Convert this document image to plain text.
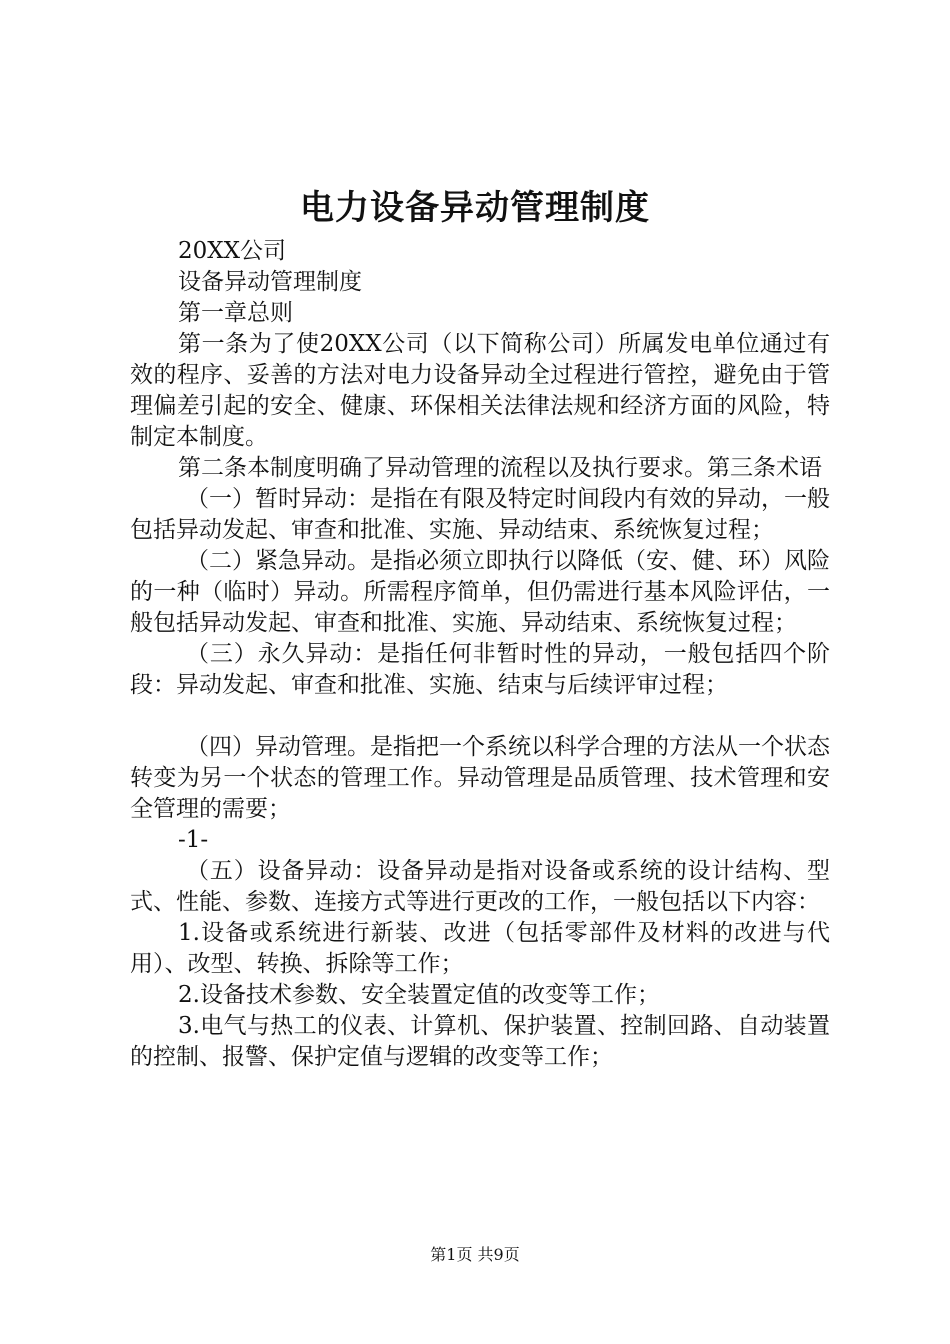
电力设备异动管理制度

20XX公司

设备异动管理制度

第一章总则

第一条为了使20XX公司（以下简称公司）所属发电单位通过有效的程序、妥善的方法对电力设备异动全过程进行管控，避免由于管理偏差引起的安全、健康、环保相关法律法规和经济方面的风险，特制定本制度。

第二条本制度明确了异动管理的流程以及执行要求。第三条术语

（一）暂时异动：是指在有限及特定时间段内有效的异动，一般包括异动发起、审查和批准、实施、异动结束、系统恢复过程；

（二）紧急异动。是指必须立即执行以降低（安、健、环）风险的一种（临时）异动。所需程序简单，但仍需进行基本风险评估，一般包括异动发起、审查和批准、实施、异动结束、系统恢复过程；

（三）永久异动：是指任何非暂时性的异动，一般包括四个阶段：异动发起、审查和批准、实施、结束与后续评审过程；

（四）异动管理。是指把一个系统以科学合理的方法从一个状态转变为另一个状态的管理工作。异动管理是品质管理、技术管理和安全管理的需要；

-1-

（五）设备异动：设备异动是指对设备或系统的设计结构、型式、性能、参数、连接方式等进行更改的工作，一般包括以下内容：

1.设备或系统进行新装、改进（包括零部件及材料的改进与代用）、改型、转换、拆除等工作；

2.设备技术参数、安全装置定值的改变等工作；

3.电气与热工的仪表、计算机、保护装置、控制回路、自动装置的控制、报警、保护定值与逻辑的改变等工作；

第1页 共9页
